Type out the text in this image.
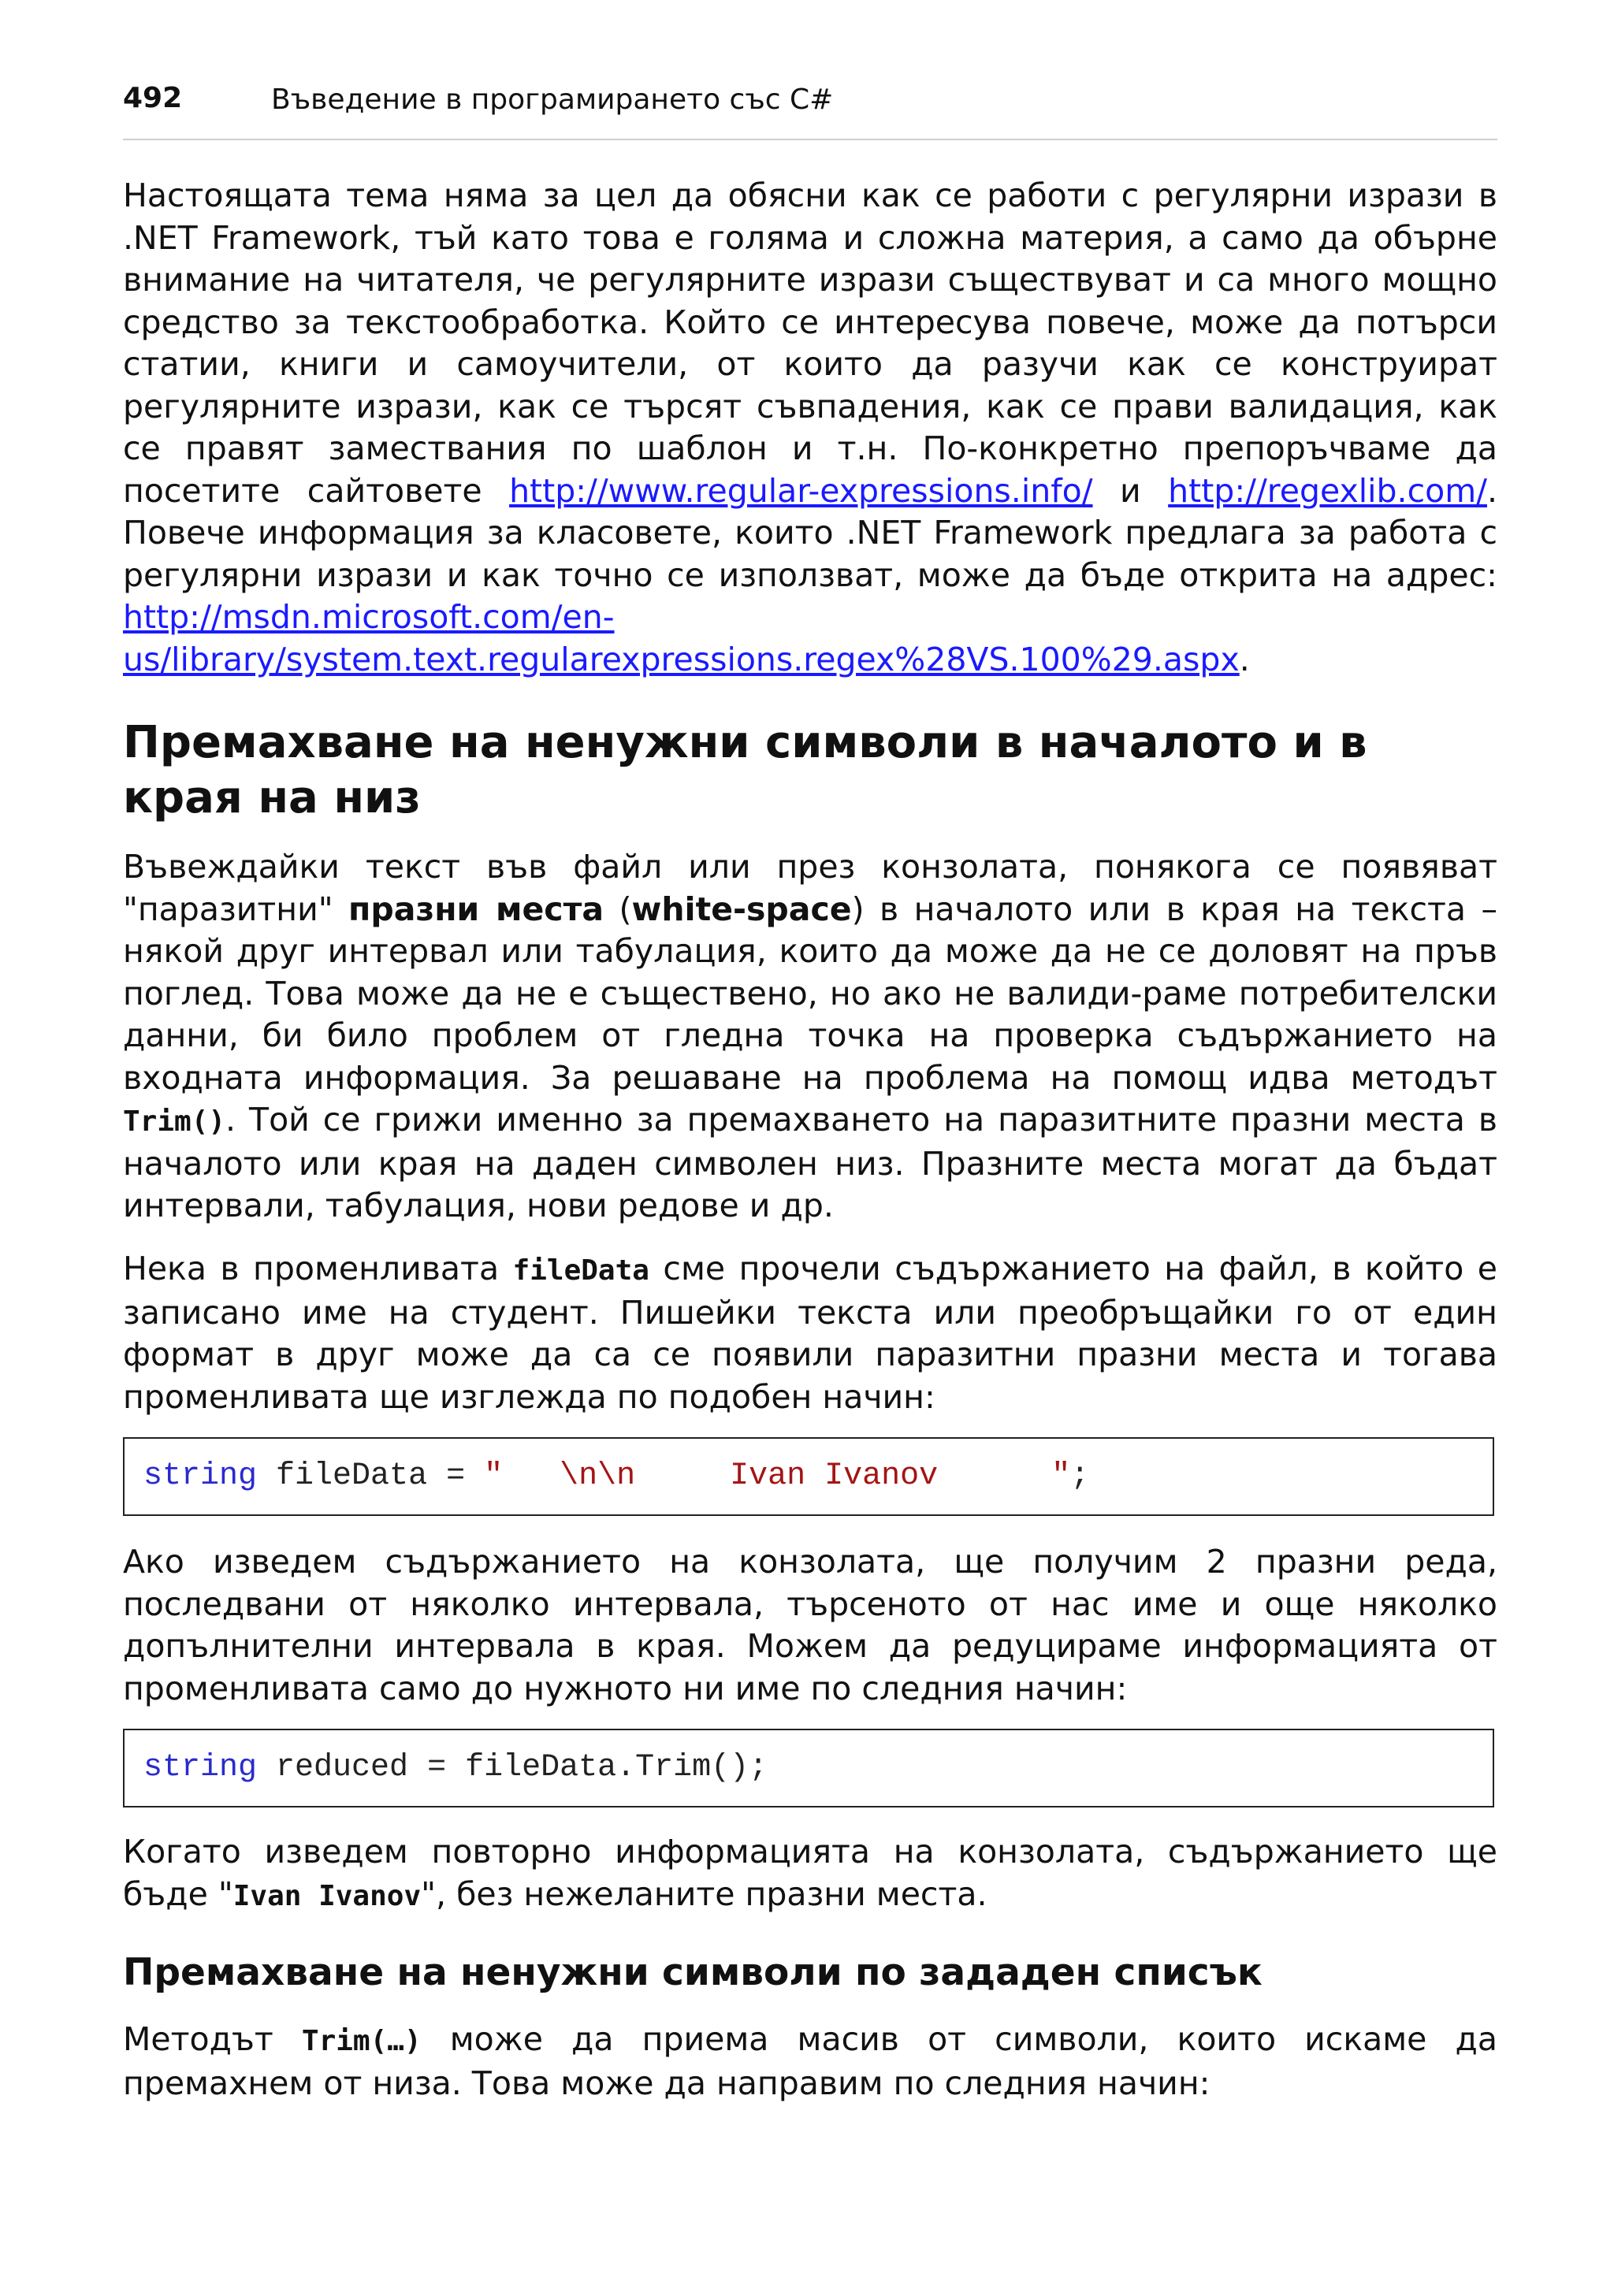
492	Въведение в програмирането със C#

Настоящата тема няма за цел да обясни как се работи с регулярни изрази в .NET Framework, тъй като това е голяма и сложна материя, а само да обърне внимание на читателя, че регулярните изрази съществуват и са много мощно средство за текстообработка. Който се интересува повече, може да потърси статии, книги и самоучители, от които да разучи как се конструират регулярните изрази, как се търсят съвпадения, как се прави валидация, как се правят замествания по шаблон и т.н. По-конкретно препоръчваме да посетите сайтовете http://www.regular-expressions.info/ и http://regexlib.com/. Повече информация за класовете, които .NET Framework предлага за работа с регулярни изрази и как точно се използват, може да бъде открита на адрес: http://msdn.microsoft.com/en-us/library/system.text.regularexpressions.regex%28VS.100%29.aspx.

Премахване на ненужни символи в началото и в края на низ

Въвеждайки текст във файл или през конзолата, понякога се появяват "паразитни" празни места (white-space) в началото или в края на текста – някой друг интервал или табулация, които да може да не се доловят на пръв поглед. Това може да не е съществено, но ако не валиди-раме потребителски данни, би било проблем от гледна точка на проверка съдържанието на входната информация. За решаване на проблема на помощ идва методът Trim(). Той се грижи именно за премахването на паразитните празни места в началото или края на даден символен низ. Празните места могат да бъдат интервали, табулация, нови редове и др.

Нека в променливата fileData сме прочели съдържанието на файл, в който е записано име на студент. Пишейки текста или преобръщайки го от един формат в друг може да са се появили паразитни празни места и тогава променливата ще изглежда по подобен начин:

string fileData = "   \n\n     Ivan Ivanov      ";

Ако изведем съдържанието на конзолата, ще получим 2 празни реда, последвани от няколко интервала, търсеното от нас име и още няколко допълнителни интервала в края. Можем да редуцираме информацията от променливата само до нужното ни име по следния начин:

string reduced = fileData.Trim();

Когато изведем повторно информацията на конзолата, съдържанието ще бъде "Ivan Ivanov", без нежеланите празни места.

Премахване на ненужни символи по зададен списък

Методът Trim(…) може да приема масив от символи, които искаме да премахнем от низа. Това може да направим по следния начин:
